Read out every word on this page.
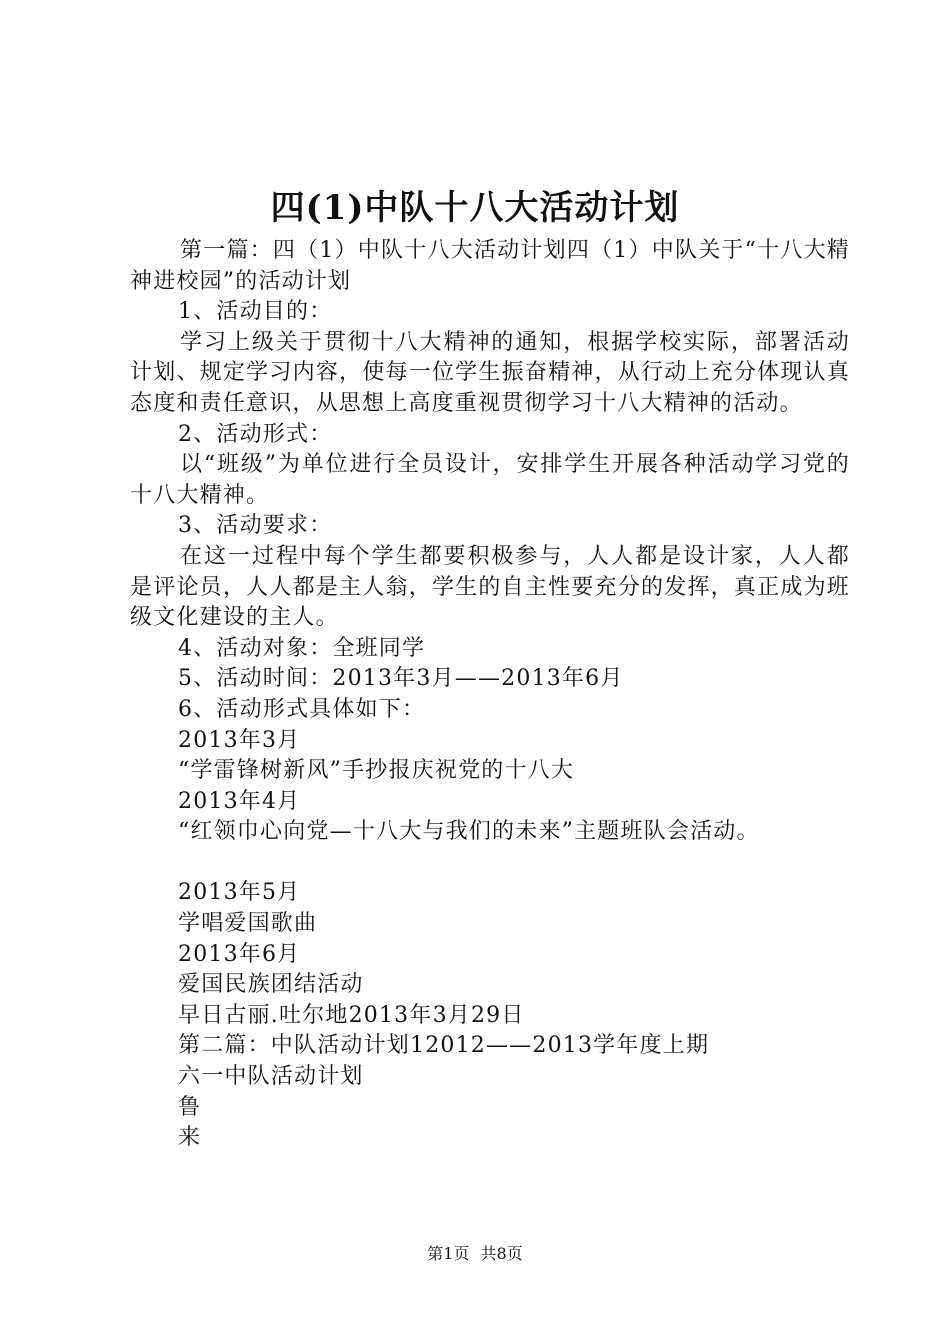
四(1)中队十八大活动计划

第一篇：四（1）中队十八大活动计划四（1）中队关于“十八大精神进校园”的活动计划

1、活动目的：

学习上级关于贯彻十八大精神的通知，根据学校实际，部署活动计划、规定学习内容，使每一位学生振奋精神，从行动上充分体现认真态度和责任意识，从思想上高度重视贯彻学习十八大精神的活动。

2、活动形式：

以“班级”为单位进行全员设计，安排学生开展各种活动学习党的十八大精神。

3、活动要求：

在这一过程中每个学生都要积极参与，人人都是设计家，人人都是评论员，人人都是主人翁，学生的自主性要充分的发挥，真正成为班级文化建设的主人。

4、活动对象：全班同学

5、活动时间：2013年3月——2013年6月

6、活动形式具体如下：

2013年3月

“学雷锋树新风”手抄报庆祝党的十八大

2013年4月

“红领巾心向党—十八大与我们的未来”主题班队会活动。

2013年5月

学唱爱国歌曲

2013年6月

爱国民族团结活动

早日古丽.吐尔地2013年3月29日

第二篇：中队活动计划12012——2013学年度上期

六一中队活动计划

鲁

来

第1页 共8页
